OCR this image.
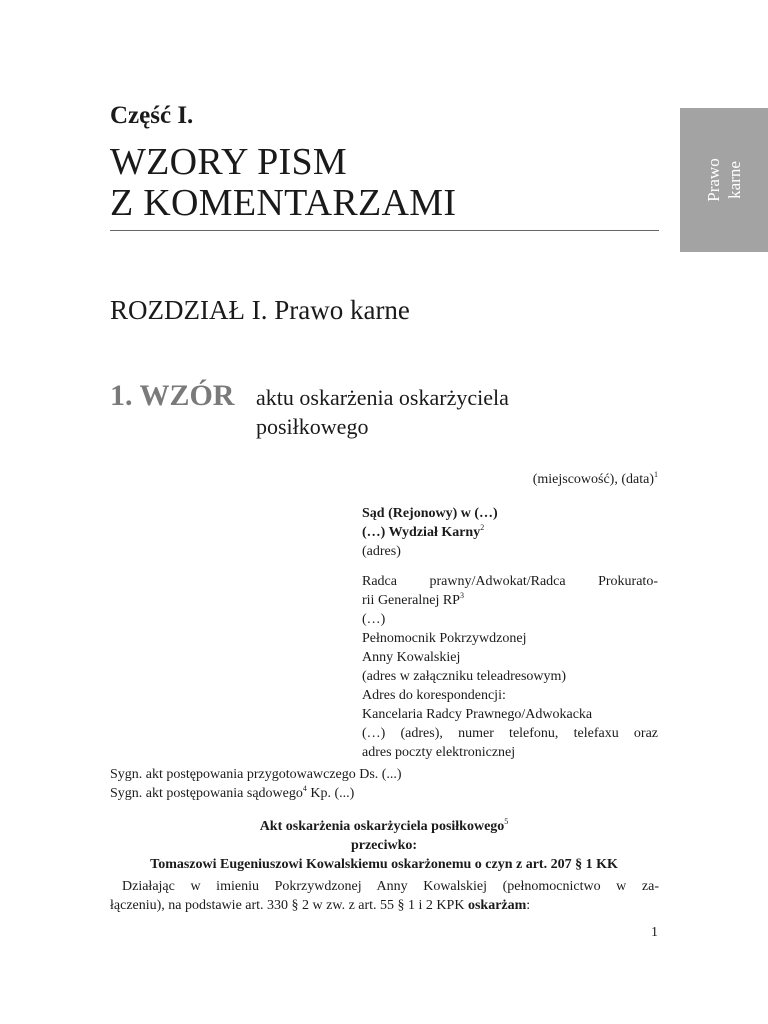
Prawo karne
Część I.
WZORY PISM
Z KOMENTARZAMI
ROZDZIAŁ I. Prawo karne
1. WZÓR aktu oskarżenia oskarżyciela
posiłkowego
(miejscowość), (data)$^1$
Sąd (Rejonowy) w (…)
(…) Wydział Karny$^2$
(adres)
Radca prawny/Adwokat/Radca Prokurato-
rii Generalnej $RP^3$
(…)
Pełnomocnik Pokrzywdzonej
Anny Kowalskiej
(adres w załączniku teleadresowym)
Adres do korespondencji:
Kancelaria Radcy Prawnego/Adwokacka
(…) (adres), numer telefonu, telefaxu oraz
adres poczty elektronicznej
Sygn. akt postępowania przygotowawczego Ds. (...)
Sygn. akt postępowania sądowego$^4$ Kp. (...)
Akt oskarżenia oskarżyciela posiłkowego$^5$
przeciwko:
Tomaszowi Eugeniuszowi Kowalskiemu oskarżonemu o czyn z art. 207 § 1 KK
Działając w imieniu Pokrzywdzonej Anny Kowalskiej (pełnomocnictwo w za-
łączeniu), na podstawie art. 330 § 2 w zw. z art. 55 § 1 i 2 KPK oskarżam:
1
